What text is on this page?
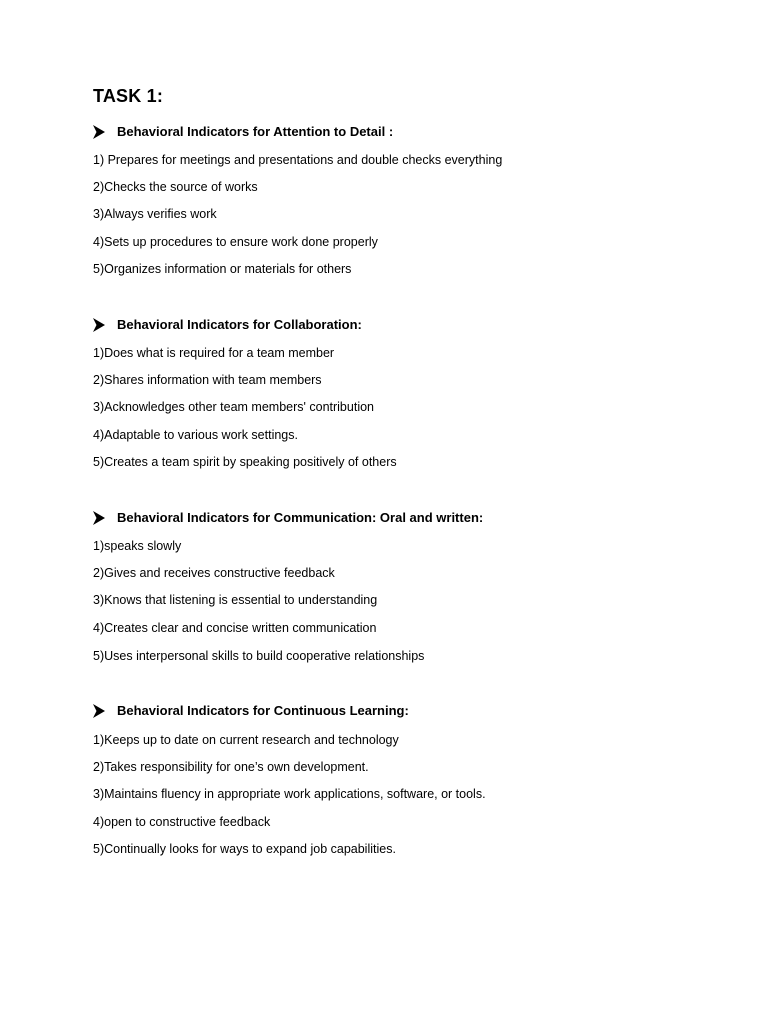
TASK 1:
Behavioral Indicators for Attention to Detail :
1) Prepares for meetings and presentations and double checks everything
2)Checks the source of works
3)Always verifies work
4)Sets up procedures to ensure work done properly
5)Organizes information or materials for others
Behavioral Indicators for Collaboration:
1)Does what is required for a team member
2)Shares information with team members
3)Acknowledges other team members' contribution
4)Adaptable to various work settings.
5)Creates a team spirit by speaking positively of others
Behavioral Indicators for Communication: Oral and written:
1)speaks slowly
2)Gives and receives constructive feedback
3)Knows that listening is essential to understanding
4)Creates clear and concise written communication
5)Uses interpersonal skills to build cooperative relationships
Behavioral Indicators for Continuous Learning:
1)Keeps up to date on current research and technology
2)Takes responsibility for one’s own development.
3)Maintains fluency in appropriate work applications, software, or tools.
4)open to constructive feedback
5)Continually looks for ways to expand job capabilities.
